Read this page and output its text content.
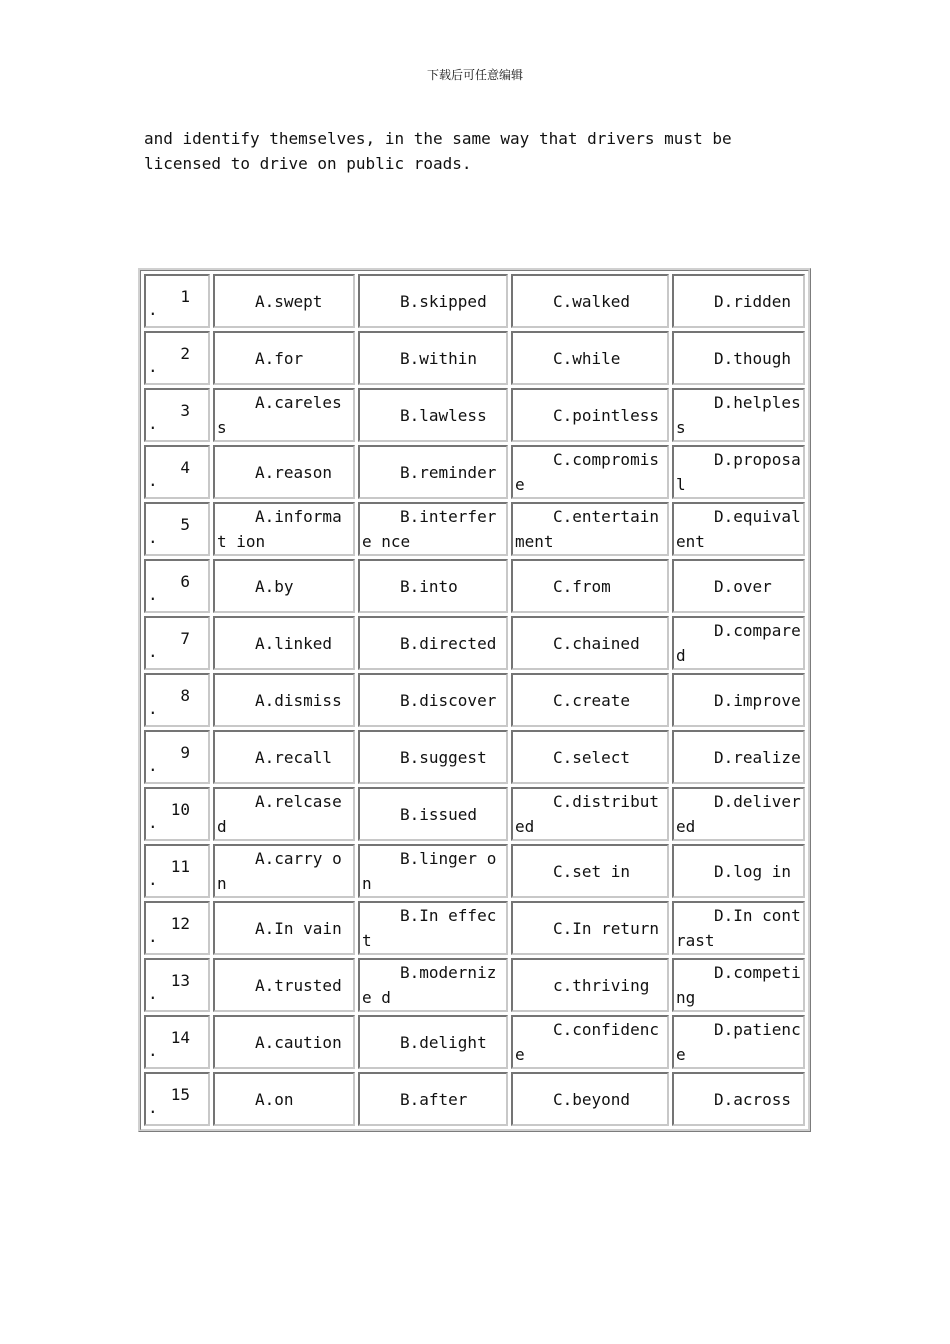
下载后可任意编辑
and identify themselves, in the same way that drivers must be
licensed to drive on public roads.
1
.	A.swept	B.skipped	C.walked	D.ridden

2
.	A.for	B.within	C.while	D.though

3
.	A.careless	B.lawless	C.pointless	D.helples s

4
.	A.reason	B.reminder	C.compromis e	D.proposa l

5
.	A.informat ion	B.interfere nce	C.entertain ment	D.equival ent

6
.	A.by	B.into	C.from	D.over

7
.	A.linked	B.directed	C.chained	D.compare d

8
.	A.dismiss	B.discover	C.create	D.improve

9
.	A.recall	B.suggest	C.select	D.realize

10
.	A.relcased	B.issued	C.distribut ed	D.deliver ed

11
.	A.carry on	B.linger on	C.set in	D.log in

12
.	A.In vain	B.In effect	C.In return	D.In contrast

13
.	A.trusted	B.modernize d	c.thriving	D.competi ng

14
.	A.caution	B.delight	C.confidenc e	D.patienc e

15
.	A.on	B.after	C.beyond	D.across
